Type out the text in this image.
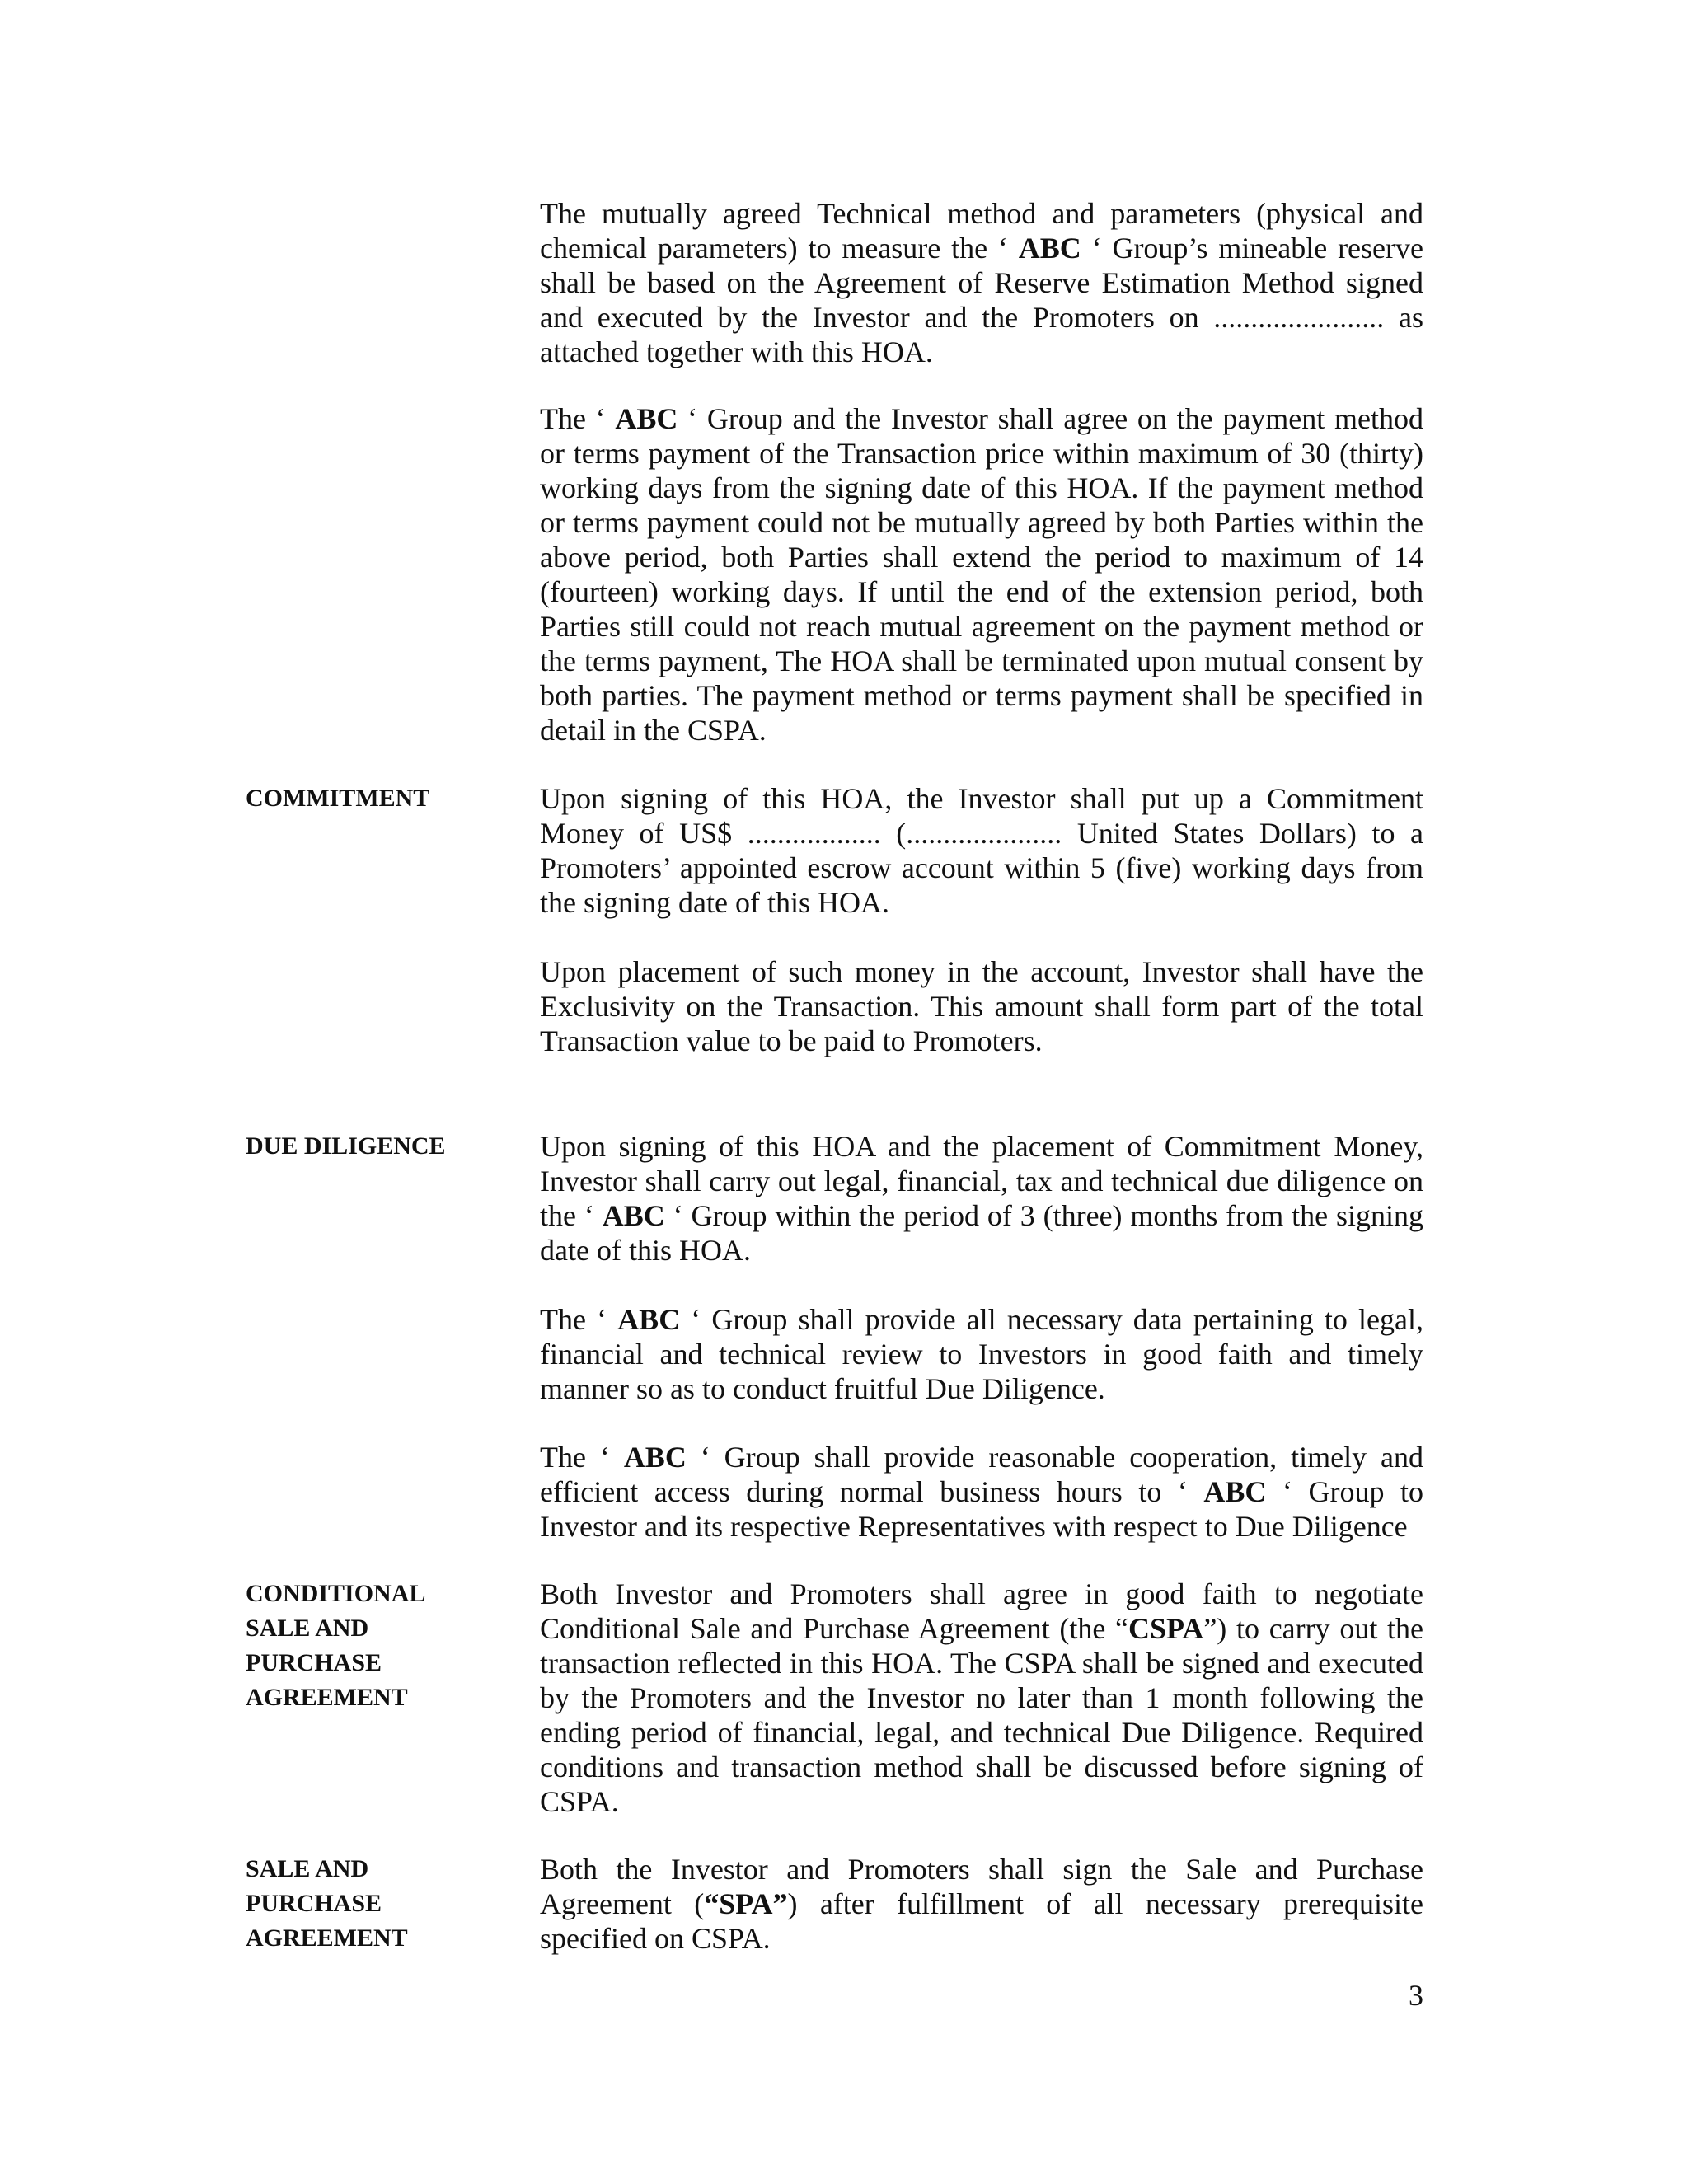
The mutually agreed Technical method and parameters (physical and chemical parameters) to measure the ‘ ABC ‘ Group’s mineable reserve shall be based on the Agreement of Reserve Estimation Method signed and executed by the Investor and the Promoters on ....................... as attached together with this HOA.

The ‘ ABC ‘ Group and the Investor shall agree on the payment method or terms payment of the Transaction price within maximum of 30 (thirty) working days from the signing date of this HOA. If the payment method or terms payment could not be mutually agreed by both Parties within the above period, both Parties shall extend the period to maximum of 14 (fourteen) working days. If until the end of the extension period, both Parties still could not reach mutual agreement on the payment method or the terms payment, The HOA shall be terminated upon mutual consent by both parties. The payment method or terms payment shall be specified in detail in the CSPA.

Upon signing of this HOA, the Investor shall put up a Commitment Money of US$ .................. (..................... United States Dollars) to a Promoters’ appointed escrow account within 5 (five) working days from the signing date of this HOA.

COMMITMENT

Upon placement of such money in the account, Investor shall have the Exclusivity on the Transaction. This amount shall form part of the total Transaction value to be paid to Promoters.

Upon signing of this HOA and the placement of Commitment Money, Investor shall carry out legal, financial, tax and technical due diligence on the ‘ ABC ‘ Group within the period of 3 (three) months from the signing date of this HOA.

DUE DILIGENCE

The ‘ ABC ‘ Group shall provide all necessary data pertaining to legal, financial and technical review to Investors in good faith and timely manner so as to conduct fruitful Due Diligence.

The ‘ ABC ‘ Group shall provide reasonable cooperation, timely and efficient access during normal business hours to ‘ ABC ‘ Group to Investor and its respective Representatives with respect to Due Diligence

Both Investor and Promoters shall agree in good faith to negotiate Conditional Sale and Purchase Agreement (the “CSPA”) to carry out the transaction reflected in this HOA. The CSPA shall be signed and executed by the Promoters and the Investor no later than 1 month following the ending period of financial, legal, and technical Due Diligence. Required conditions and transaction method shall be discussed before signing of CSPA.

CONDITIONAL
SALE AND
PURCHASE
AGREEMENT

Both the Investor and Promoters shall sign the Sale and Purchase Agreement (“SPA”) after fulfillment of all necessary prerequisite specified on CSPA.

SALE AND
PURCHASE
AGREEMENT
3
